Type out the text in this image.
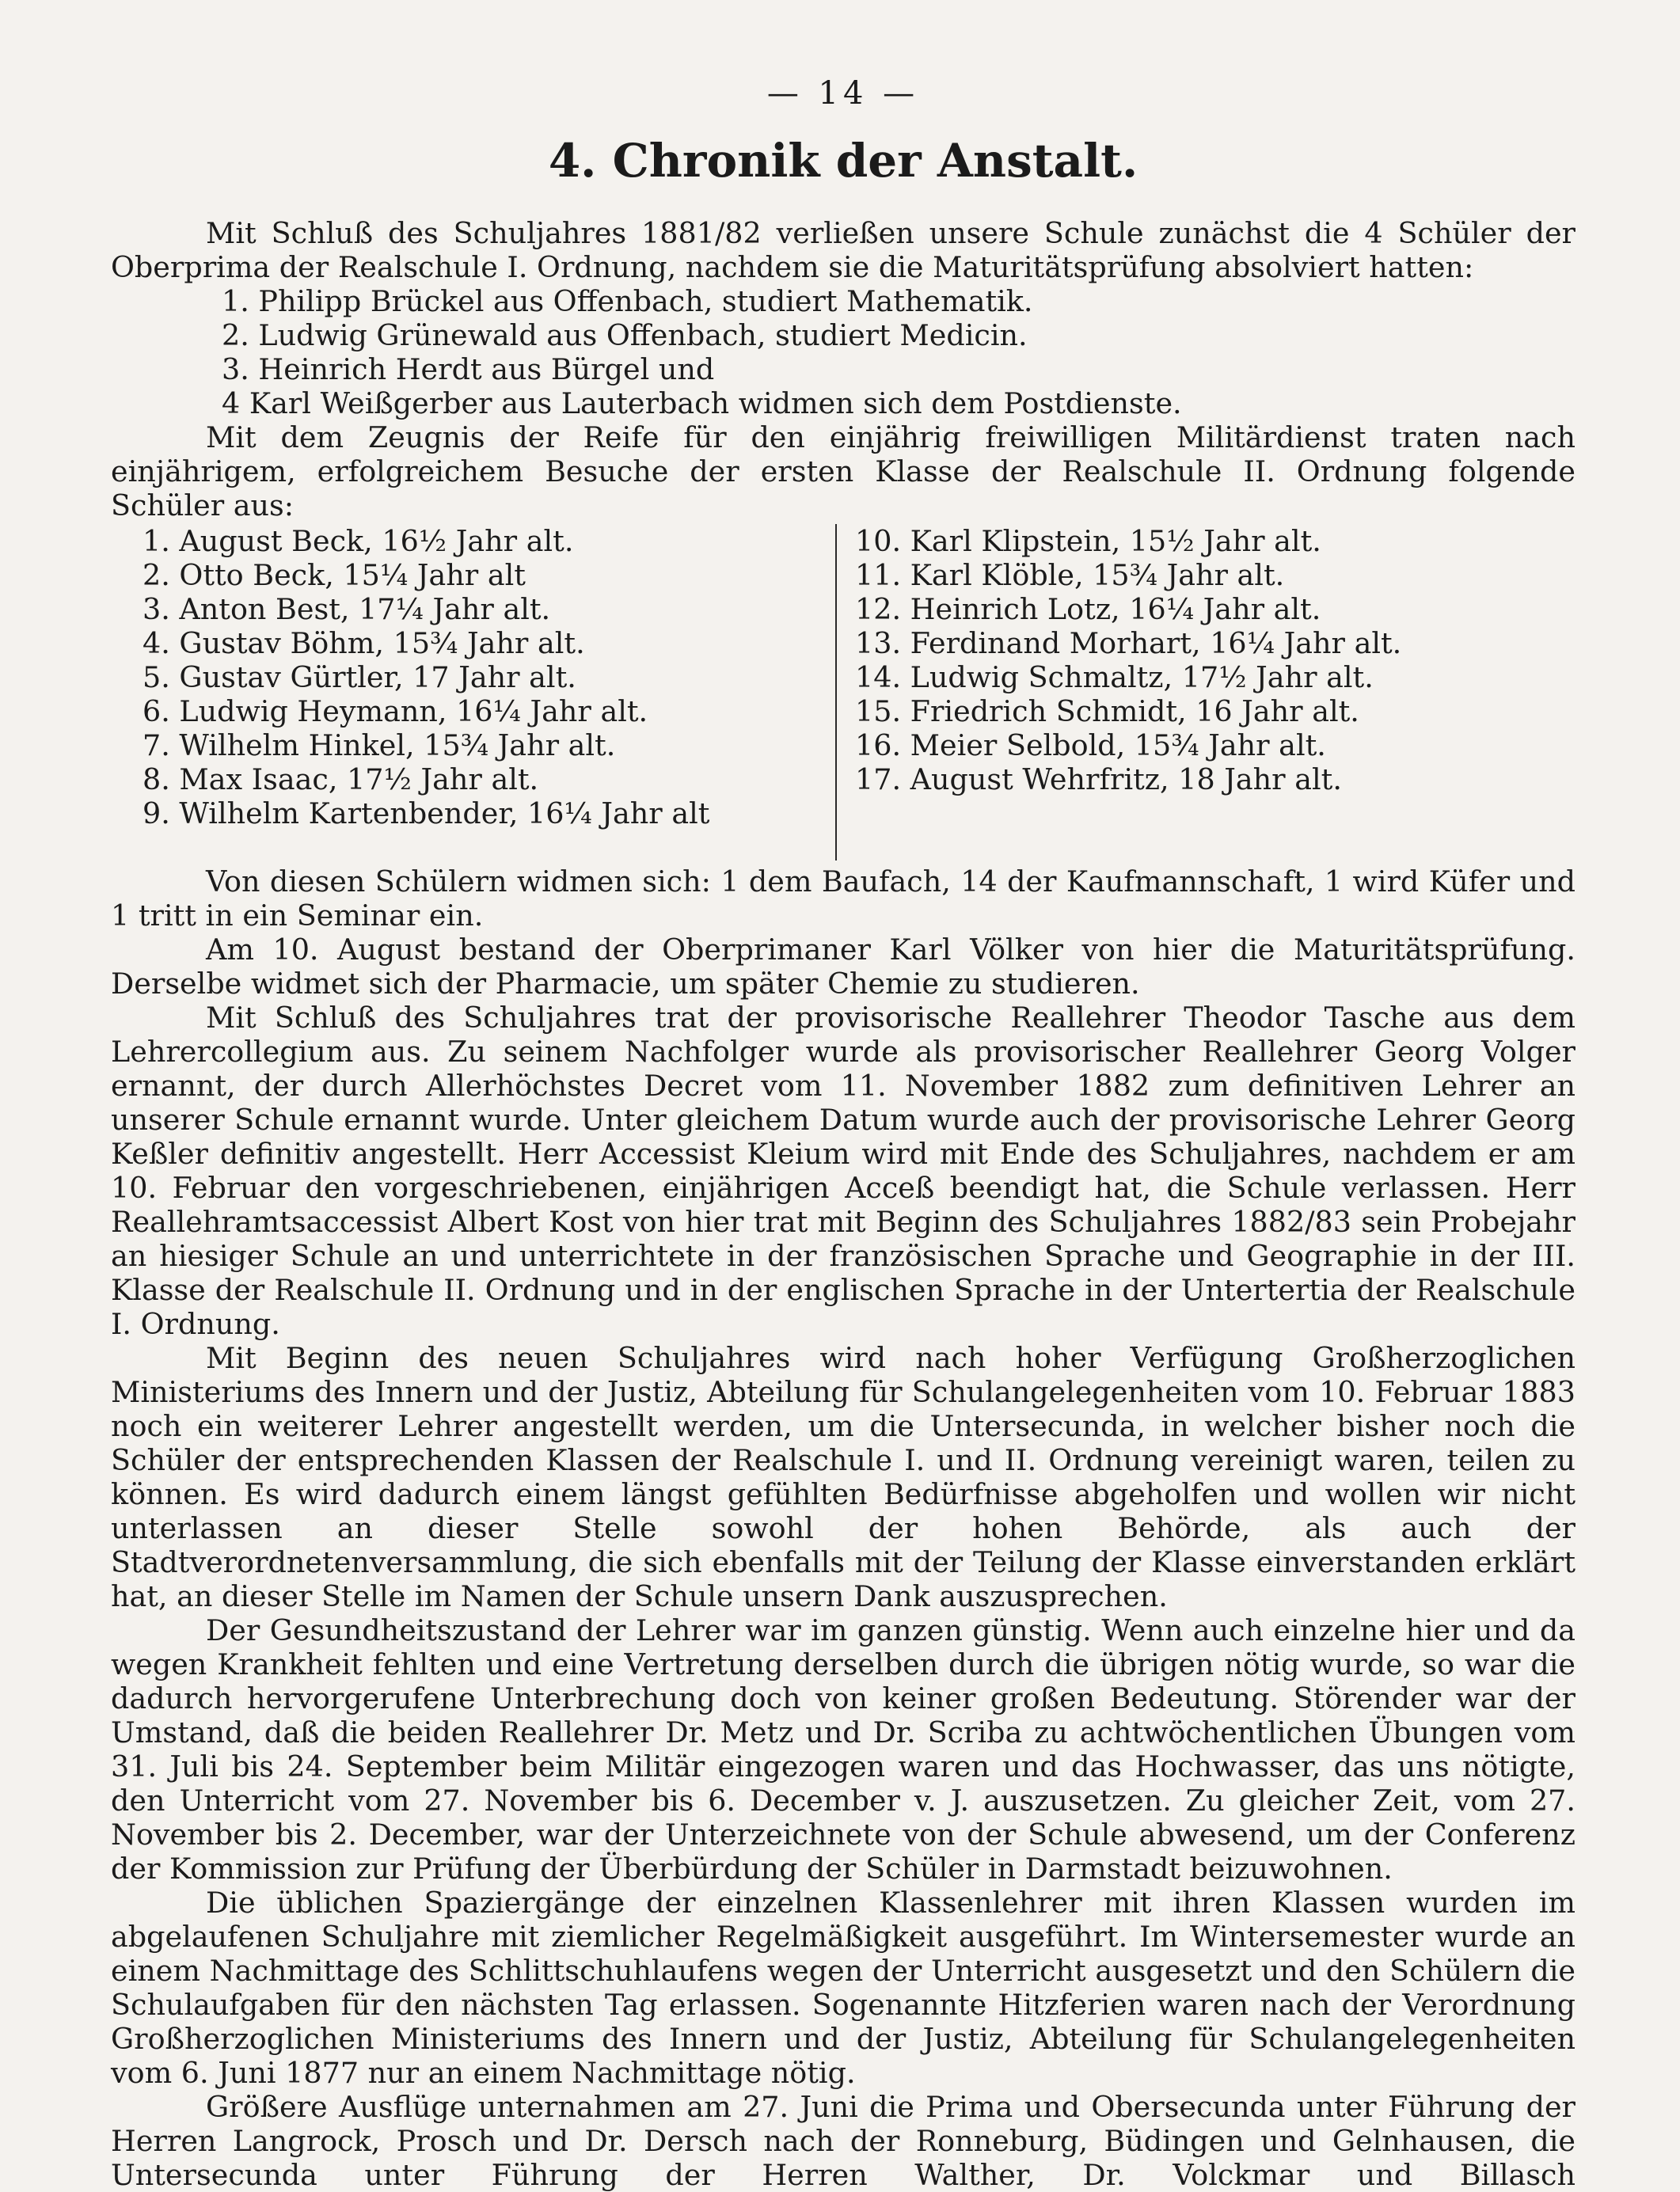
— 14 —
4. Chronik der Anstalt.

Mit Schluß des Schuljahres 1881/82 verließen unsere Schule zunächst die 4 Schüler der Oberprima der Realschule I. Ordnung, nachdem sie die Maturitätsprüfung absolviert hatten:

1. Philipp Brückel aus Offenbach, studiert Mathematik.
2. Ludwig Grünewald aus Offenbach, studiert Medicin.
3. Heinrich Herdt aus Bürgel und
4 Karl Weißgerber aus Lauterbach widmen sich dem Postdienste.

Mit dem Zeugnis der Reife für den einjährig freiwilligen Militärdienst traten nach einjährigem, erfolgreichem Besuche der ersten Klasse der Realschule II. Ordnung folgende Schüler aus:

1. August Beck, 16½ Jahr alt.
2. Otto Beck, 15¼ Jahr alt
3. Anton Best, 17¼ Jahr alt.
4. Gustav Böhm, 15¾ Jahr alt.
5. Gustav Gürtler, 17 Jahr alt.
6. Ludwig Heymann, 16¼ Jahr alt.
7. Wilhelm Hinkel, 15¾ Jahr alt.
8. Max Isaac, 17½ Jahr alt.
9. Wilhelm Kartenbender, 16¼ Jahr alt
10. Karl Klipstein, 15½ Jahr alt.
11. Karl Klöble, 15¾ Jahr alt.
12. Heinrich Lotz, 16¼ Jahr alt.
13. Ferdinand Morhart, 16¼ Jahr alt.
14. Ludwig Schmaltz, 17½ Jahr alt.
15. Friedrich Schmidt, 16 Jahr alt.
16. Meier Selbold, 15¾ Jahr alt.
17. August Wehrfritz, 18 Jahr alt.

Von diesen Schülern widmen sich: 1 dem Baufach, 14 der Kaufmannschaft, 1 wird Küfer und 1 tritt in ein Seminar ein.

Am 10. August bestand der Oberprimaner Karl Völker von hier die Maturitätsprüfung. Derselbe widmet sich der Pharmacie, um später Chemie zu studieren.

Mit Schluß des Schuljahres trat der provisorische Reallehrer Theodor Tasche aus dem Lehrercollegium aus. Zu seinem Nachfolger wurde als provisorischer Reallehrer Georg Volger ernannt, der durch Allerhöchstes Decret vom 11. November 1882 zum definitiven Lehrer an unserer Schule ernannt wurde. Unter gleichem Datum wurde auch der provisorische Lehrer Georg Keßler definitiv angestellt. Herr Accessist Kleium wird mit Ende des Schuljahres, nachdem er am 10. Februar den vorgeschriebenen, einjährigen Acceß beendigt hat, die Schule verlassen. Herr Reallehramtsaccessist Albert Kost von hier trat mit Beginn des Schuljahres 1882/83 sein Probejahr an hiesiger Schule an und unterrichtete in der französischen Sprache und Geographie in der III. Klasse der Realschule II. Ordnung und in der englischen Sprache in der Untertertia der Realschule I. Ordnung.

Mit Beginn des neuen Schuljahres wird nach hoher Verfügung Großherzoglichen Ministeriums des Innern und der Justiz, Abteilung für Schulangelegenheiten vom 10. Februar 1883 noch ein weiterer Lehrer angestellt werden, um die Untersecunda, in welcher bisher noch die Schüler der entsprechenden Klassen der Realschule I. und II. Ordnung vereinigt waren, teilen zu können. Es wird dadurch einem längst gefühlten Bedürfnisse abgeholfen und wollen wir nicht unterlassen an dieser Stelle sowohl der hohen Behörde, als auch der Stadtverordnetenversammlung, die sich ebenfalls mit der Teilung der Klasse einverstanden erklärt hat, an dieser Stelle im Namen der Schule unsern Dank auszusprechen.

Der Gesundheitszustand der Lehrer war im ganzen günstig. Wenn auch einzelne hier und da wegen Krankheit fehlten und eine Vertretung derselben durch die übrigen nötig wurde, so war die dadurch hervorgerufene Unterbrechung doch von keiner großen Bedeutung. Störender war der Umstand, daß die beiden Reallehrer Dr. Metz und Dr. Scriba zu achtwöchentlichen Übungen vom 31. Juli bis 24. September beim Militär eingezogen waren und das Hochwasser, das uns nötigte, den Unterricht vom 27. November bis 6. December v. J. auszusetzen. Zu gleicher Zeit, vom 27. November bis 2. December, war der Unterzeichnete von der Schule abwesend, um der Conferenz der Kommission zur Prüfung der Überbürdung der Schüler in Darmstadt beizuwohnen.

Die üblichen Spaziergänge der einzelnen Klassenlehrer mit ihren Klassen wurden im abgelaufenen Schuljahre mit ziemlicher Regelmäßigkeit ausgeführt. Im Wintersemester wurde an einem Nachmittage des Schlittschuhlaufens wegen der Unterricht ausgesetzt und den Schülern die Schulaufgaben für den nächsten Tag erlassen. Sogenannte Hitzferien waren nach der Verordnung Großherzoglichen Ministeriums des Innern und der Justiz, Abteilung für Schulangelegenheiten vom 6. Juni 1877 nur an einem Nachmittage nötig.

Größere Ausflüge unternahmen am 27. Juni die Prima und Obersecunda unter Führung der Herren Langrock, Prosch und Dr. Dersch nach der Ronneburg, Büdingen und Gelnhausen, die Untersecunda unter Führung der Herren Walther, Dr. Volckmar und Billasch
